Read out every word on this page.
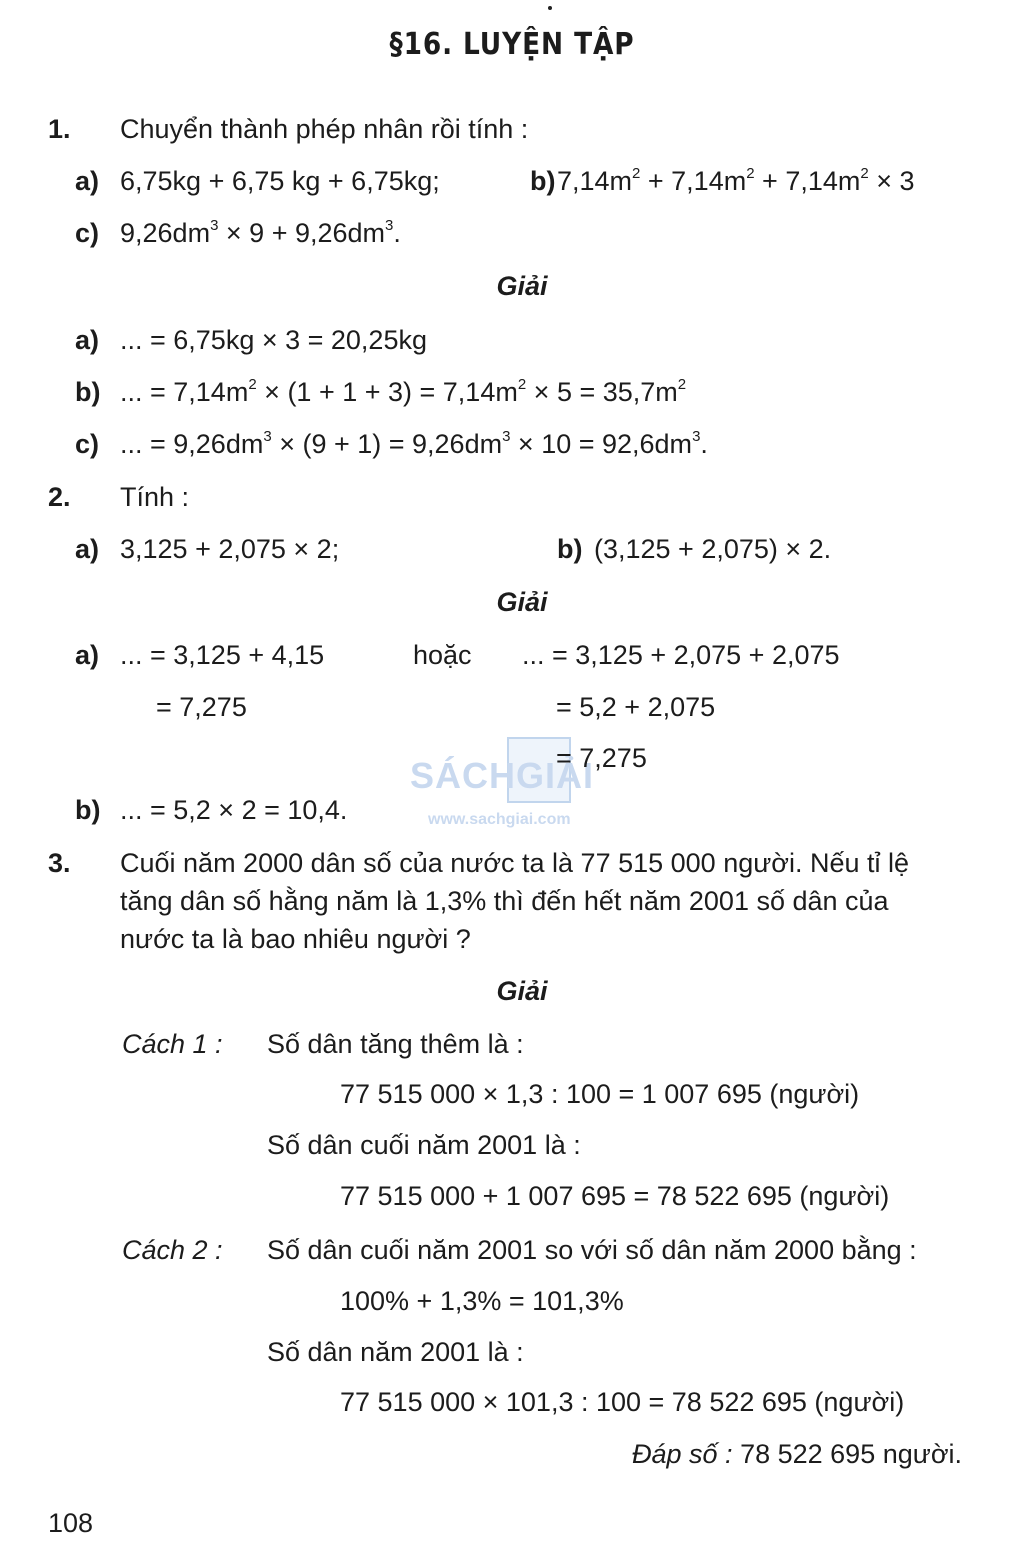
§16. LUYỆN TẬP
1. Chuyển thành phép nhân rồi tính :
a) 6,75kg + 6,75 kg + 6,75kg;	b) $7,14m^2 + 7,14m^2 + 7,14m^2 \times 3$
c) $9,26dm^3 \times 9 + 9,26dm^3$.
Giải
a) ... = 6,75kg × 3 = 20,25kg
b) ... = $7,14m^2 \times (1 + 1 + 3) = 7,14m^2 \times 5 = 35,7m^2$
c) ... = $9,26dm^3 \times (9 + 1) = 9,26dm^3 \times 10 = 92,6dm^3$.
2. Tính :
a) 3,125 + 2,075 × 2;	b) (3,125 + 2,075) × 2.
Giải
a) ... = 3,125 + 4,15	hoặc ... = 3,125 + 2,075 + 2,075
= 7,275	= 5,2 + 2,075
= 7,275
b) ... = 5,2 × 2 = 10,4.
SÁCHGIẢI
www.sachgiai.com
3. Cuối năm 2000 dân số của nước ta là 77 515 000 người. Nếu tỉ lệ
tăng dân số hằng năm là 1,3% thì đến hết năm 2001 số dân của
nước ta là bao nhiêu người ?
Giải
Cách 1 : Số dân tăng thêm là :
77 515 000 × 1,3 : 100 = 1 007 695 (người)
Số dân cuối năm 2001 là :
77 515 000 + 1 007 695 = 78 522 695 (người)
Cách 2 : Số dân cuối năm 2001 so với số dân năm 2000 bằng :
100% + 1,3% = 101,3%
Số dân năm 2001 là :
77 515 000 × 101,3 : 100 = 78 522 695 (người)
Đáp số : 78 522 695 người.
108
